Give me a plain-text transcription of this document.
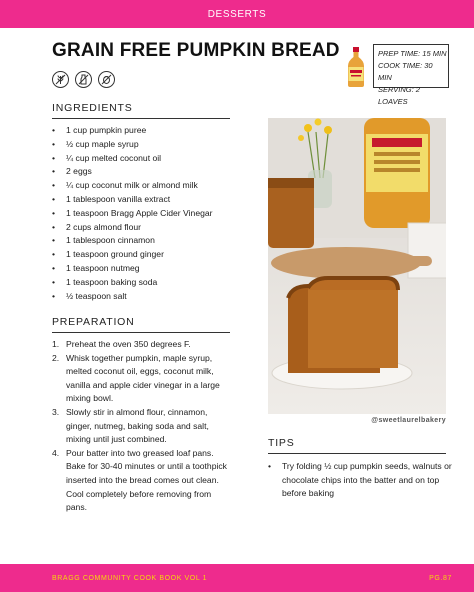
DESSERTS
GRAIN FREE PUMPKIN BREAD	PREP TIME: 15 MIN
COOK TIME: 30 MIN
SERVING: 2 LOAVES
INGREDIENTS
• 1 cup pumpkin puree
• ½ cup maple syrup
• ¼ cup melted coconut oil
• 2 eggs
• ¼ cup coconut milk or almond milk
• 1 tablespoon vanilla extract
• 1 teaspoon Bragg Apple Cider Vinegar
• 2 cups almond flour
• 1 tablespoon cinnamon
• 1 teaspoon ground ginger
• 1 teaspoon nutmeg
• 1 teaspoon baking soda
• ½ teaspoon salt
PREPARATION
1. Preheat the oven 350 degrees F.
2. Whisk together pumpkin, maple syrup, melted coconut oil, eggs, coconut milk, vanilla and apple cider vinegar in a large mixing bowl.
3. Slowly stir in almond flour, cinnamon, ginger, nutmeg, baking soda and salt, mixing until just combined.
4. Pour batter into two greased loaf pans. Bake for 30-40 minutes or until a toothpick inserted into the bread comes out clean. Cool completely before removing from pans.
@sweetlaurelbakery
TIPS
• Try folding ½ cup pumpkin seeds, walnuts or chocolate chips into the batter and on top before baking
BRAGG COMMUNITY COOK BOOK VOL 1	PG.87
